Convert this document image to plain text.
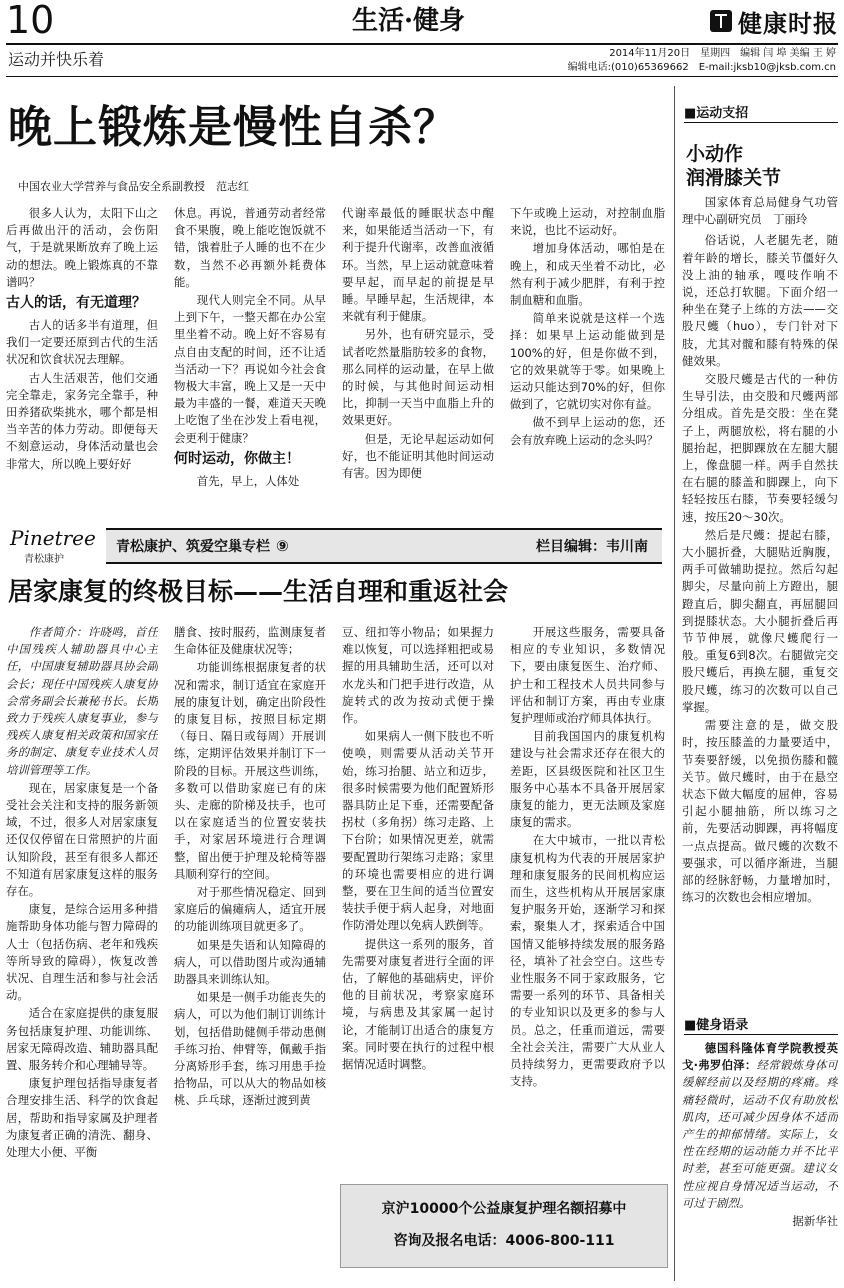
10	生活·健身	健康时报
运动并快乐着	2014年11月20日　星期四　编辑 闫 埠 美编 王 婷
编辑电话:(010)65369662　E-mail:jksb10@jksb.com.cn
晚上锻炼是慢性自杀？
中国农业大学营养与食品安全系副教授　范志红

很多人认为，太阳下山之后再做出汗的活动，会伤阳气，于是就果断放弃了晚上运动的想法。晚上锻炼真的不靠谱吗？

古人的话，有无道理？

古人的话多半有道理，但我们一定要还原到古代的生活状况和饮食状况去理解。

古人生活艰苦，他们交通完全靠走，家务完全靠手，种田养猪砍柴挑水，哪个都是相当辛苦的体力劳动。即便每天不刻意运动，身体活动量也会非常大，所以晚上要好好

休息。再说，普通劳动者经常食不果腹，晚上能吃饱饭就不错，饿着肚子人睡的也不在少数，当然不必再额外耗费体能。

现代人则完全不同。从早上到下午，一整天都在办公室里坐着不动。晚上好不容易有点自由支配的时间，还不让适当活动一下？再说如今社会食物极大丰富，晚上又是一天中最为丰盛的一餐，难道天天晚上吃饱了坐在沙发上看电视，会更利于健康？

何时运动，你做主！

首先，早上，人体处

代谢率最低的睡眠状态中醒来，如果能适当活动一下，有利于提升代谢率，改善血液循环。当然，早上运动就意味着要早起，而早起的前提是早睡。早睡早起，生活规律，本来就有利于健康。

另外，也有研究显示，受试者吃然量脂肪较多的食物，那么同样的运动量，在早上做的时候，与其他时间运动相比，抑制一天当中血脂上升的效果更好。

但是，无论早起运动如何好，也不能证明其他时间运动有害。因为即便

下午或晚上运动，对控制血脂来说，也比不运动好。

增加身体活动，哪怕是在晚上，和成天坐着不动比，必然有利于减少肥胖，有利于控制血糖和血脂。

简单来说就是这样一个选择：如果早上运动能做到是100%的好，但是你做不到，它的效果就等于零。如果晚上运动只能达到70%的好，但你做到了，它就切实对你有益。

做不到早上运动的您，还会有放弃晚上运动的念头吗？

Pinetree
青松康护
青松康护、筑爱空巢专栏 ⑨	栏目编辑：韦川南
居家康复的终极目标——生活自理和重返社会

作者简介：许晓鸣，首任中国残疾人辅助器具中心主任，中国康复辅助器具协会副会长；现任中国残疾人康复协会常务副会长兼秘书长。长期致力于残疾人康复事业，参与残疾人康复相关政策和国家任务的制定、康复专业技术人员培训管理等工作。

现在，居家康复是一个备受社会关注和支持的服务新领域，不过，很多人对居家康复还仅仅停留在日常照护的片面认知阶段，甚至有很多人都还不知道有居家康复这样的服务存在。

康复，是综合运用多种措施帮助身体功能与智力障碍的人士（包括伤病、老年和残疾等所导致的障碍），恢复改善状况、自理生活和参与社会活动。

适合在家庭提供的康复服务包括康复护理、功能训练、居家无障碍改造、辅助器具配置、服务转介和心理辅导等。

康复护理包括指导康复者合理安排生活、科学的饮食起居，帮助和指导家属及护理者为康复者正确的清洗、翻身、处理大小便、平衡

膳食、按时服药，监测康复者生命体征及健康状况等；

功能训练根据康复者的状况和需求，制订适宜在家庭开展的康复计划，确定出阶段性的康复目标，按照目标定期（每日、隔日或每周）开展训练，定期评估效果并制订下一阶段的目标。开展这些训练，多数可以借助家庭已有的床头、走廊的阶梯及扶手，也可以在家庭适当的位置安装扶手，对家居环境进行合理调整，留出便于护理及轮椅等器具顺利穿行的空间。

对于那些情况稳定、回到家庭后的偏瘫病人，适宜开展的功能训练项目就更多了。

如果是失语和认知障碍的病人，可以借助图片或沟通辅助器具来训练认知。

如果是一侧手功能丧失的病人，可以为他们制订训练计划，包括借助健侧手带动患侧手练习抬、伸臂等，佩戴手指分离矫形手套，练习用患手捡拾物品，可以从大的物品如核桃、乒乓球，逐渐过渡到黄

豆、纽扣等小物品；如果握力难以恢复，可以选择粗把或易握的用具辅助生活，还可以对水龙头和门把手进行改造，从旋转式的改为按动式便于操作。

如果病人一侧下肢也不听使唤，则需要从活动关节开始，练习抬腿、站立和迈步，很多时候需要为他们配置矫形器具防止足下垂，还需要配备拐杖（多角拐）练习走路、上下台阶；如果情况更差，就需要配置助行架练习走路；家里的环境也需要相应的进行调整，要在卫生间的适当位置安装扶手便于病人起身，对地面作防滑处理以免病人跌倒等。

提供这一系列的服务，首先需要对康复者进行全面的评估，了解他的基础病史，评价他的目前状况，考察家庭环境，与病患及其家属一起讨论，才能制订出适合的康复方案。同时要在执行的过程中根据情况适时调整。

开展这些服务，需要具备相应的专业知识，多数情况下，要由康复医生、治疗师、护士和工程技术人员共同参与评估和制订方案，再由专业康复护理师或治疗师具体执行。

目前我国国内的康复机构建设与社会需求还存在很大的差距，区县级医院和社区卫生服务中心基本不具备开展居家康复的能力，更无法顾及家庭康复的需求。

在大中城市，一批以青松康复机构为代表的开展居家护理和康复服务的民间机构应运而生，这些机构从开展居家康复护服务开始，逐渐学习和探索，聚集人才，探索适合中国国情又能够持续发展的服务路径，填补了社会空白。这些专业性服务不同于家政服务，它需要一系列的环节、具备相关的专业知识以及更多的参与人员。总之，任重而道远，需要全社会关注，需要广大从业人员持续努力，更需要政府予以支持。

京沪10000个公益康复护理名额招募中
咨询及报名电话：4006-800-111
■运动支招
小动作
润滑膝关节

国家体育总局健身气功管理中心副研究员　丁丽玲

俗话说，人老腿先老，随着年龄的增长，膝关节僵好久没上油的轴承，嘎吱作响不说，还总打软腿。下面介绍一种坐在凳子上练的方法——交股尺蠖（huo），专门针对下肢，尤其对髋和膝有特殊的保健效果。

交股尺蠖是古代的一种仿生导引法，由交股和尺蠖两部分组成。首先是交股：坐在凳子上，两腿放松，将右腿的小腿抬起，把脚踝放在左腿大腿上，像盘腿一样。两手自然扶在右腿的膝盖和脚踝上，向下轻轻按压右膝，节奏要轻缓匀速，按压20～30次。

然后是尺蠖：提起右膝，大小腿折叠，大腿贴近胸腹，两手可做辅助提拉。然后勾起脚尖，尽量向前上方蹬出，腿蹬直后，脚尖翻直，再屈腿回到提膝状态。大小腿折叠后再节节伸展，就像尺蠖爬行一般。重复6到8次。右腿做完交股尺蠖后，再换左腿，重复交股尺蠖，练习的次数可以自己掌握。

需要注意的是，做交股时，按压膝盖的力量要适中，节奏要舒缓，以免损伤膝和髋关节。做尺蠖时，由于在悬空状态下做大幅度的屈伸，容易引起小腿抽筋，所以练习之前，先要活动脚踝，再将幅度一点点提高。做尺蠖的次数不要强求，可以循序渐进，当腿部的经脉舒畅，力量增加时，练习的次数也会相应增加。

■健身语录

德国科隆体育学院教授英戈·弗罗伯泽：经常锻炼身体可缓解经前以及经期的疼痛。疼痛轻微时，运动不仅有助放松肌肉，还可减少因身体不适而产生的抑郁情绪。实际上，女性在经期的运动能力并不比平时差，甚至可能更强。建议女性应视自身情况适当运动，不可过于剧烈。

据新华社
